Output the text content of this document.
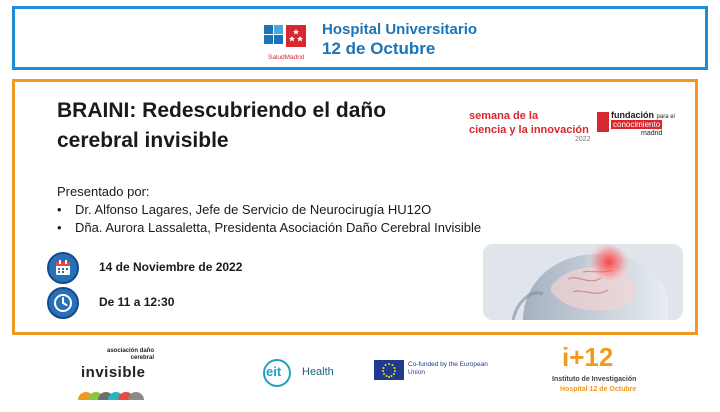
SaludMadrid
Hospital Universitario
12 de Octubre
BRAINI: Redescubriendo el daño cerebral invisible
semana de la
ciencia y la innovación
2022
fundación para el
conocimiento
madrid
Presentado por:
• Dr. Alfonso Lagares, Jefe de Servicio de Neurocirugía HU12O
• Dña. Aurora Lassaletta, Presidenta Asociación Daño Cerebral Invisible
14 de Noviembre de 2022
De 11 a 12:30
asociación daño cerebral
invisible	eit Health
Co-funded by the European Union
i+12
Instituto de Investigación
Hospital 12 de Octubre
